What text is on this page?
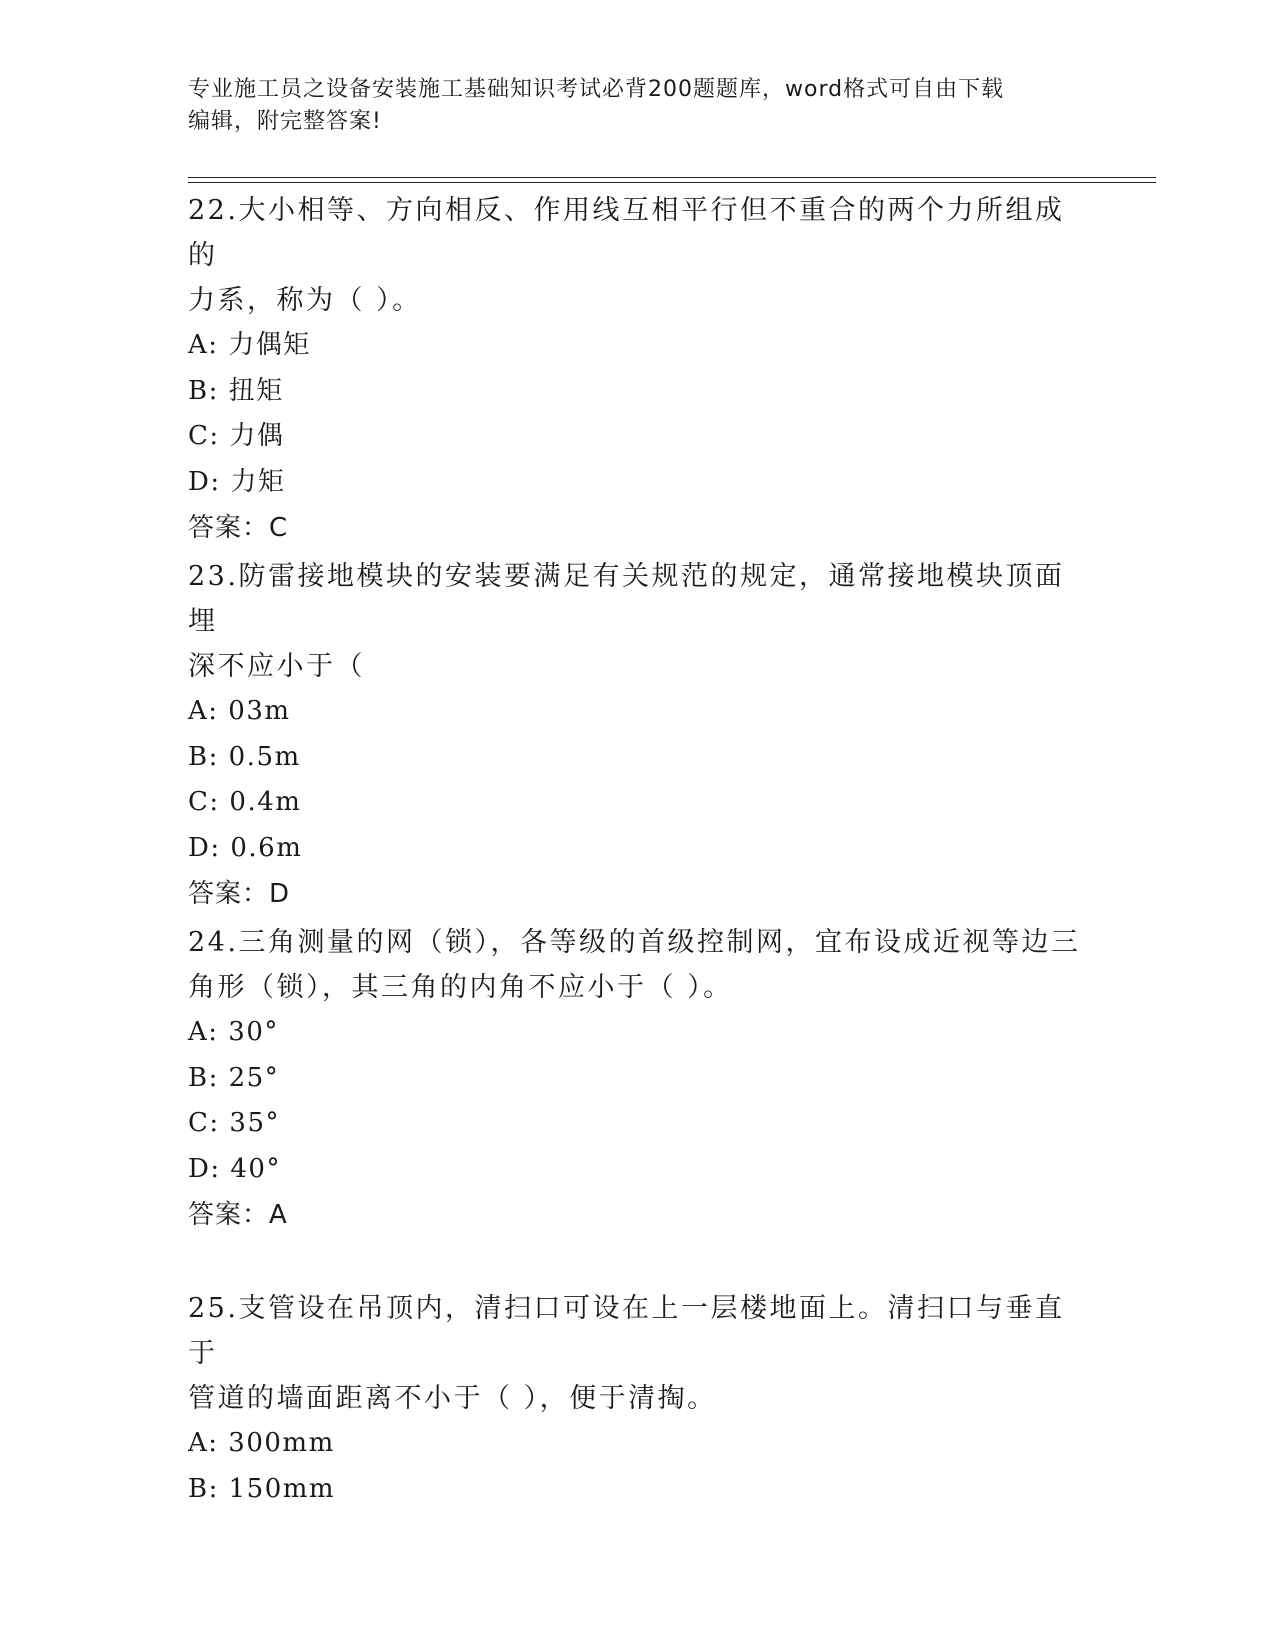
专业施工员之设备安装施工基础知识考试必背200题题库，word格式可自由下载
编辑，附完整答案!

22.大小相等、方向相反、作用线互相平行但不重合的两个力所组成的

力系，称为（ ）。

A: 力偶矩

B: 扭矩

C: 力偶

D: 力矩

答案：C

23.防雷接地模块的安装要满足有关规范的规定，通常接地模块顶面埋

深不应小于（

A: 03m

B: 0.5m

C: 0.4m

D: 0.6m

答案：D

24.三角测量的网（锁），各等级的首级控制网，宜布设成近视等边三

角形（锁），其三角的内角不应小于（ ）。

A: 30°

B: 25°

C: 35°

D: 40°

答案：A

25.支管设在吊顶内，清扫口可设在上一层楼地面上。清扫口与垂直于

管道的墙面距离不小于（ ），便于清掏。

A: 300mm

B: 150mm
